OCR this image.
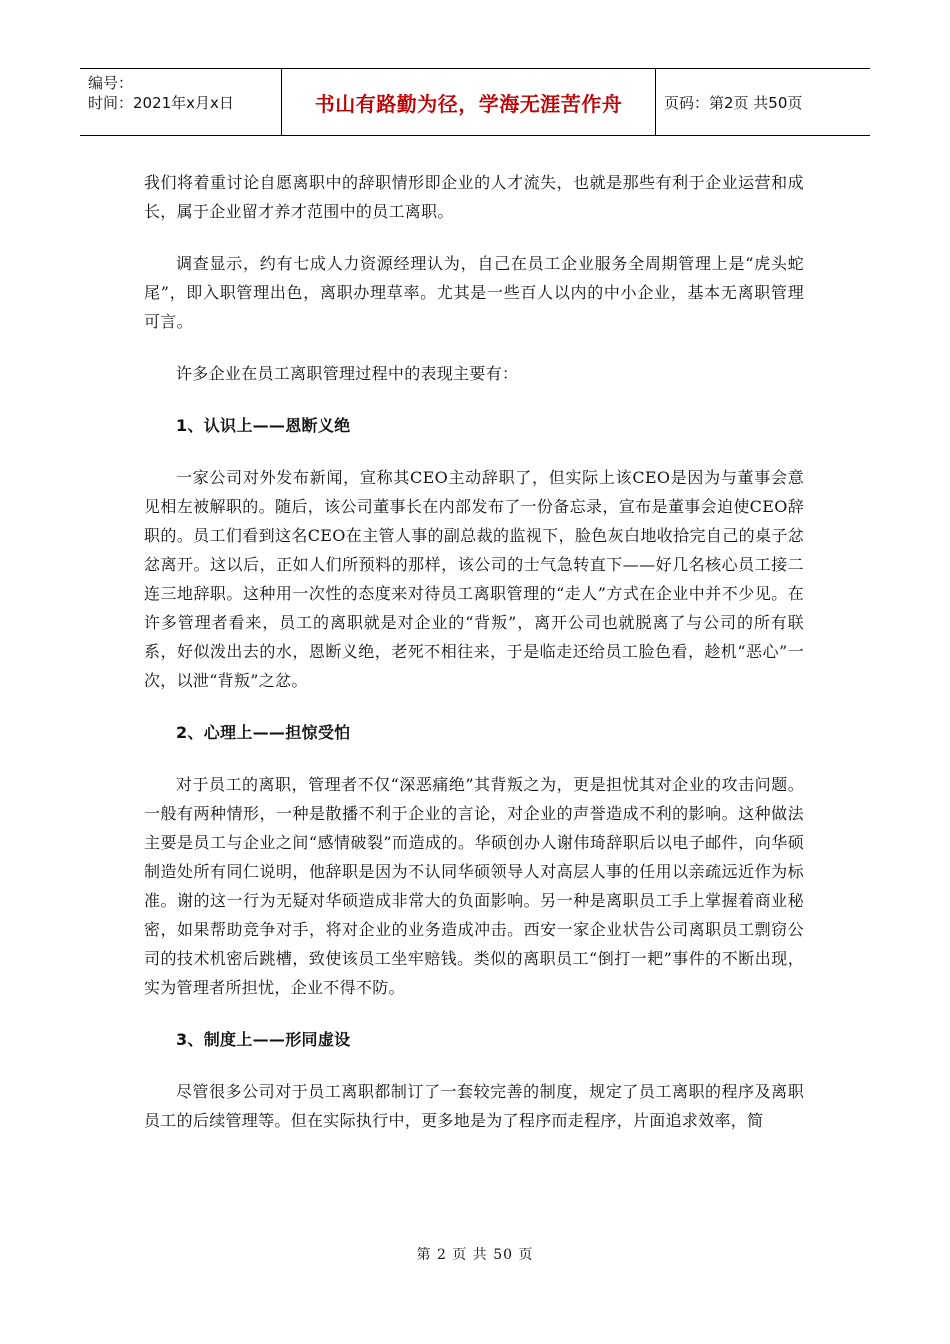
编号：
时间：2021年x月x日	书山有路勤为径，学海无涯苦作舟	页码：第2页 共50页

我们将着重讨论自愿离职中的辞职情形即企业的人才流失，也就是那些有利于企业运营和成长，属于企业留才养才范围中的员工离职。

调查显示，约有七成人力资源经理认为，自己在员工企业服务全周期管理上是“虎头蛇尾”，即入职管理出色，离职办理草率。尤其是一些百人以内的中小企业，基本无离职管理可言。

许多企业在员工离职管理过程中的表现主要有：

1、认识上——恩断义绝

一家公司对外发布新闻，宣称其CEO主动辞职了，但实际上该CEO是因为与董事会意见相左被解职的。随后，该公司董事长在内部发布了一份备忘录，宣布是董事会迫使CEO辞职的。员工们看到这名CEO在主管人事的副总裁的监视下，脸色灰白地收拾完自己的桌子忿忿离开。这以后，正如人们所预料的那样，该公司的士气急转直下——好几名核心员工接二连三地辞职。这种用一次性的态度来对待员工离职管理的“走人”方式在企业中并不少见。在许多管理者看来，员工的离职就是对企业的“背叛”，离开公司也就脱离了与公司的所有联系，好似泼出去的水，恩断义绝，老死不相往来，于是临走还给员工脸色看，趁机“恶心”一次，以泄“背叛”之忿。

2、心理上——担惊受怕

对于员工的离职，管理者不仅“深恶痛绝”其背叛之为，更是担忧其对企业的攻击问题。一般有两种情形，一种是散播不利于企业的言论，对企业的声誉造成不利的影响。这种做法主要是员工与企业之间“感情破裂”而造成的。华硕创办人谢伟琦辞职后以电子邮件，向华硕制造处所有同仁说明，他辞职是因为不认同华硕领导人对高层人事的任用以亲疏远近作为标准。谢的这一行为无疑对华硕造成非常大的负面影响。另一种是离职员工手上掌握着商业秘密，如果帮助竞争对手，将对企业的业务造成冲击。西安一家企业状告公司离职员工剽窃公司的技术机密后跳槽，致使该员工坐牢赔钱。类似的离职员工“倒打一耙”事件的不断出现，实为管理者所担忧，企业不得不防。

3、制度上——形同虚设

尽管很多公司对于员工离职都制订了一套较完善的制度，规定了员工离职的程序及离职员工的后续管理等。但在实际执行中，更多地是为了程序而走程序，片面追求效率，简

第 2 页 共 50 页
